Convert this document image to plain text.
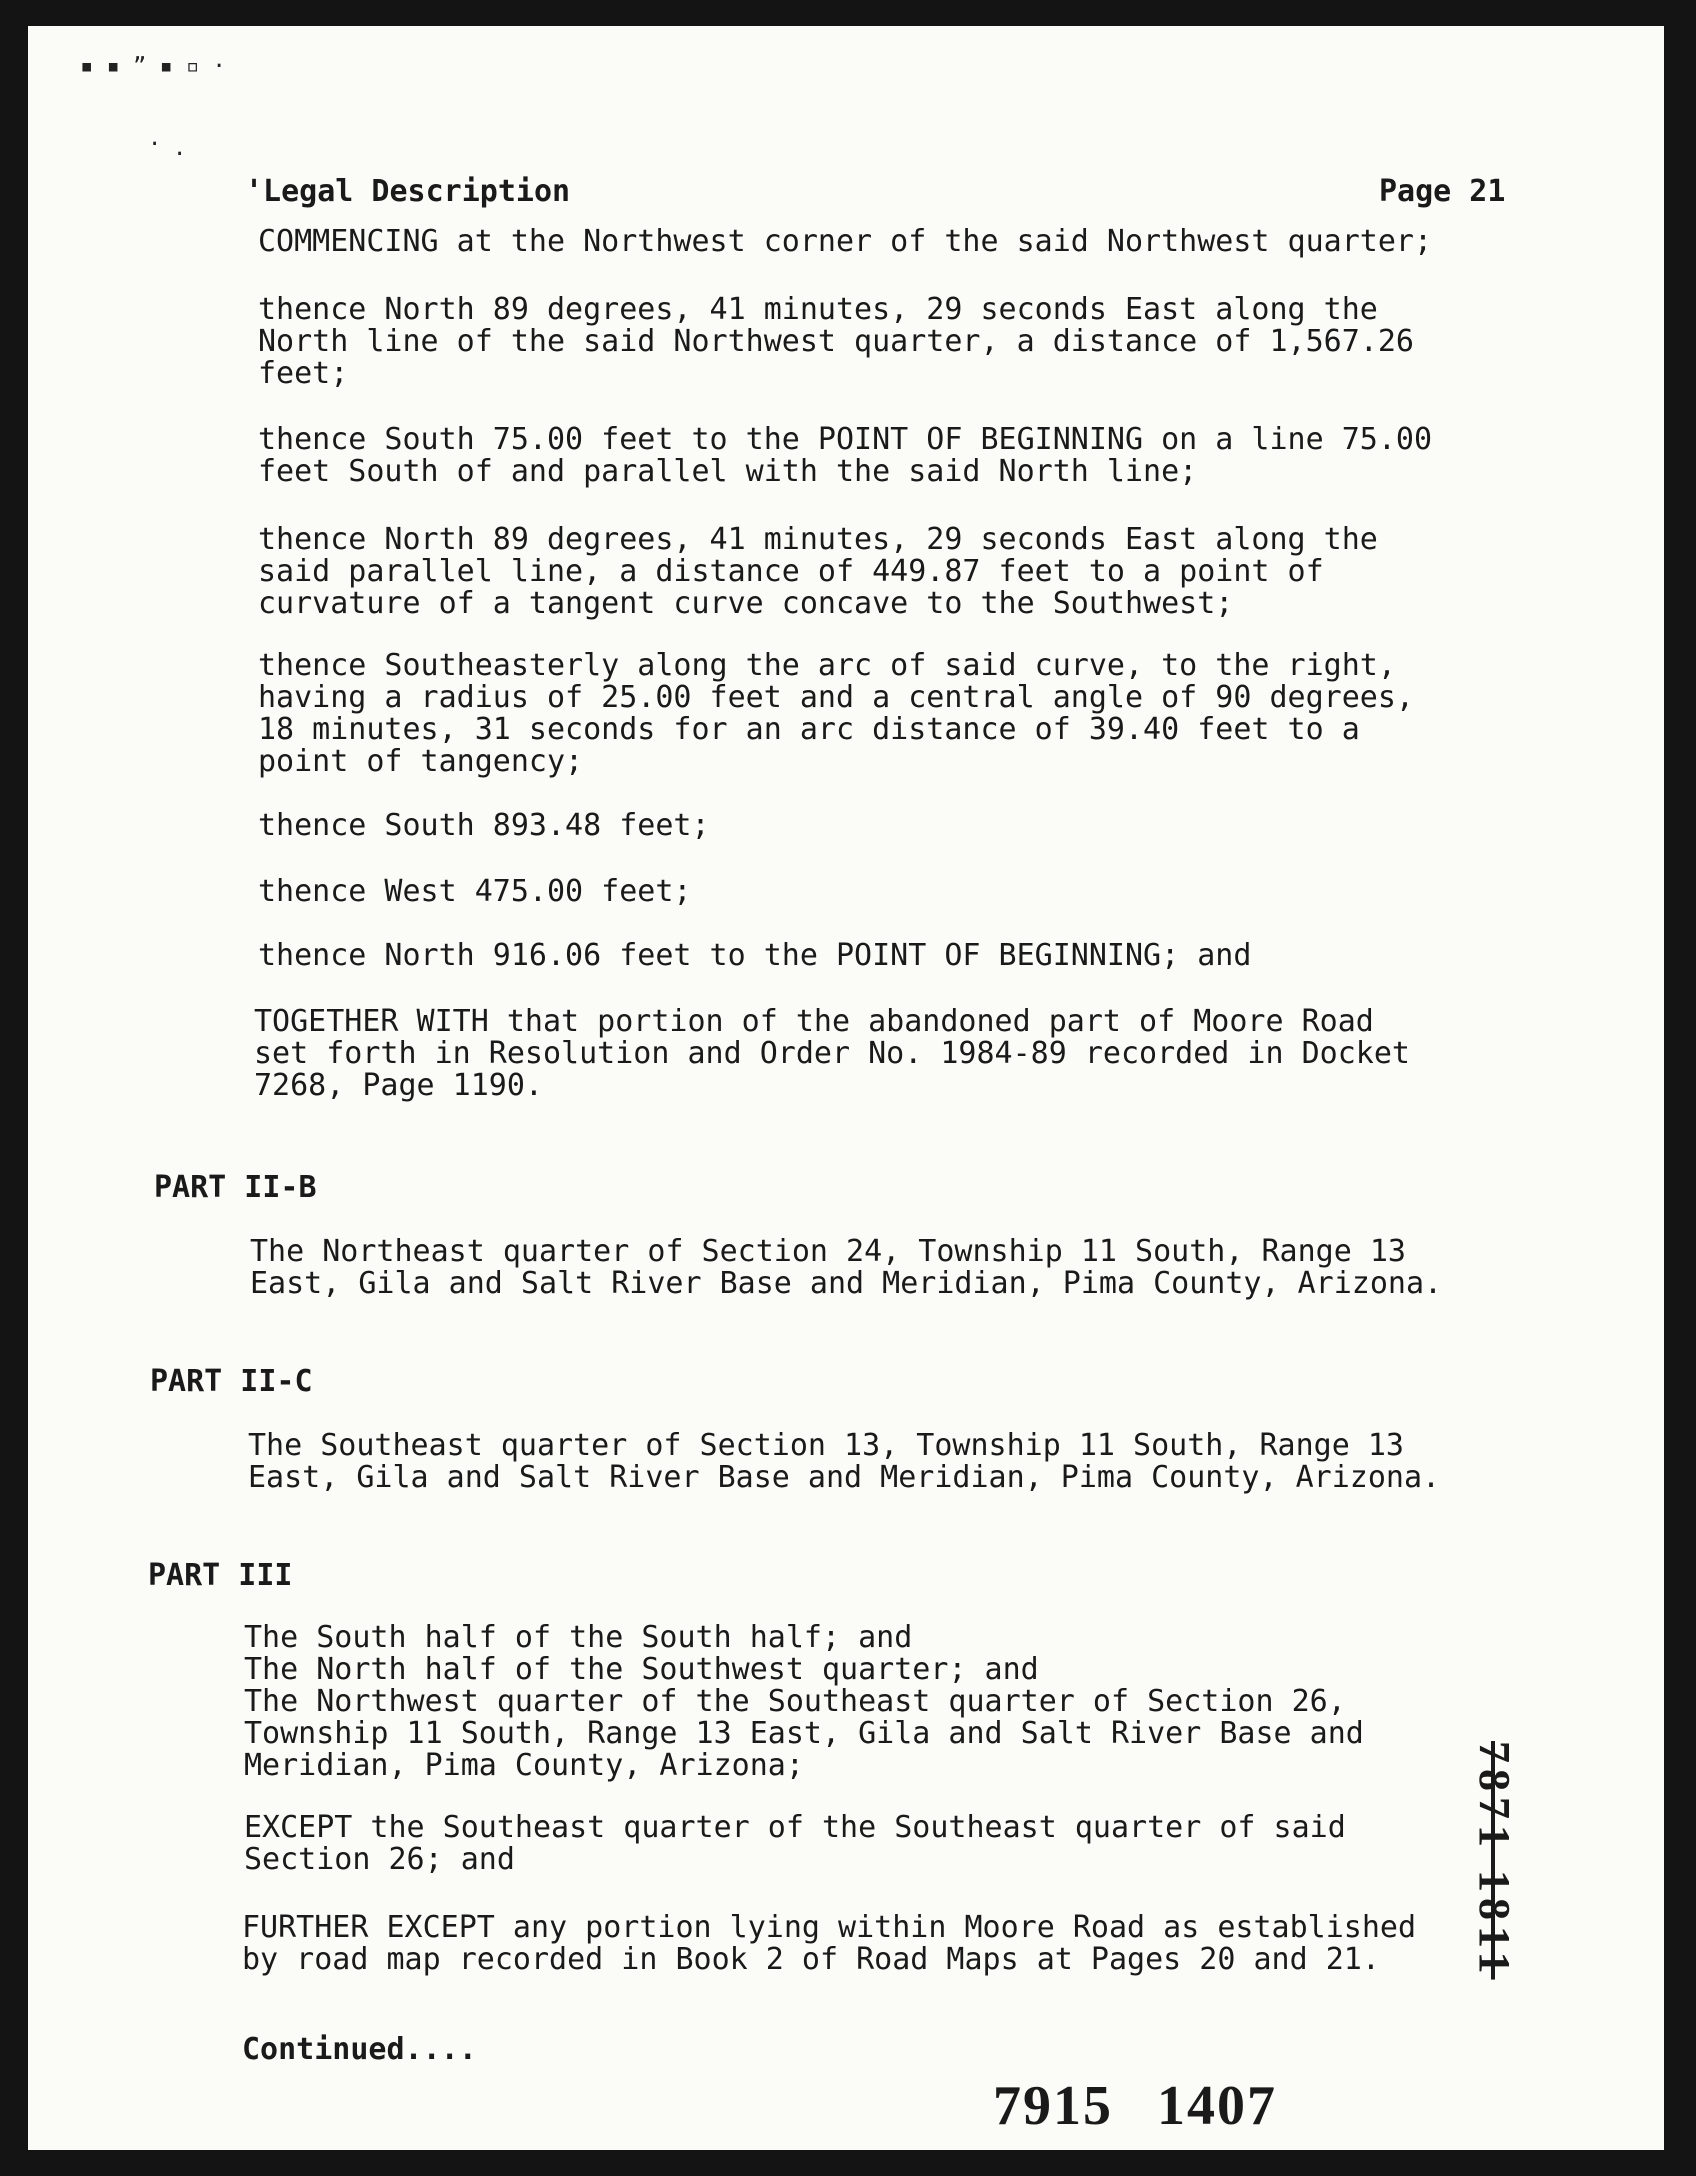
▪ ▪ ˮ ▪ ▫ ·
· ·
'Legal Description	Page 21
COMMENCING at the Northwest corner of the said Northwest quarter;
thence North 89 degrees, 41 minutes, 29 seconds East along the
North line of the said Northwest quarter, a distance of 1,567.26
feet;
thence South 75.00 feet to the POINT OF BEGINNING on a line 75.00
feet South of and parallel with the said North line;
thence North 89 degrees, 41 minutes, 29 seconds East along the
said parallel line, a distance of 449.87 feet to a point of
curvature of a tangent curve concave to the Southwest;
thence Southeasterly along the arc of said curve, to the right,
having a radius of 25.00 feet and a central angle of 90 degrees,
18 minutes, 31 seconds for an arc distance of 39.40 feet to a
point of tangency;
thence South 893.48 feet;
thence West 475.00 feet;
thence North 916.06 feet to the POINT OF BEGINNING; and
TOGETHER WITH that portion of the abandoned part of Moore Road
set forth in Resolution and Order No. 1984-89 recorded in Docket
7268, Page 1190.
PART II-B
The Northeast quarter of Section 24, Township 11 South, Range 13
East, Gila and Salt River Base and Meridian, Pima County, Arizona.
PART II-C
The Southeast quarter of Section 13, Township 11 South, Range 13
East, Gila and Salt River Base and Meridian, Pima County, Arizona.
PART III
The South half of the South half; and
The North half of the Southwest quarter; and
The Northwest quarter of the Southeast quarter of Section 26,
Township 11 South, Range 13 East, Gila and Salt River Base and
Meridian, Pima County, Arizona;
EXCEPT the Southeast quarter of the Southeast quarter of said
Section 26; and
FURTHER EXCEPT any portion lying within Moore Road as established
by road map recorded in Book 2 of Road Maps at Pages 20 and 21.
Continued....
7915 1407
7871 1811
